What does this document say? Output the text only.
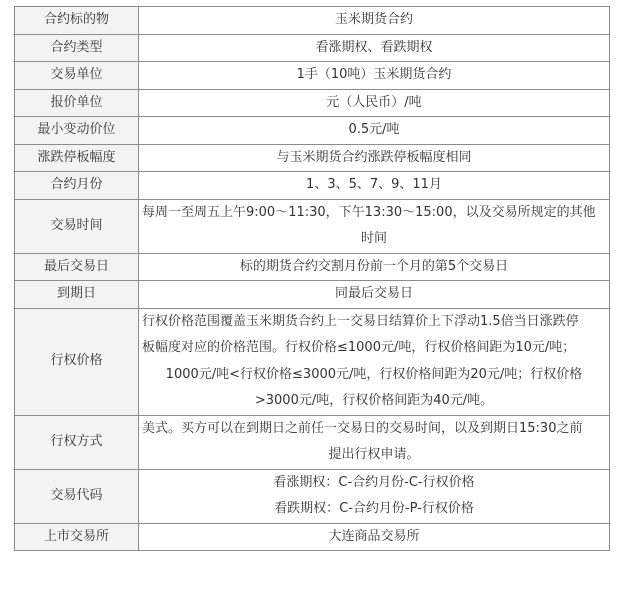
合约标的物	玉米期货合约
合约类型	看涨期权、看跌期权
交易单位	1手（10吨）玉米期货合约
报价单位	元（人民币）/吨
最小变动价位	0.5元/吨
涨跌停板幅度	与玉米期货合约涨跌停板幅度相同
合约月份	1、3、5、7、9、11月
交易时间	每周一至周五上午9:00～11:30，下午13:30～15:00，以及交易所规定的其他
时间

最后交易日	标的期货合约交割月份前一个月的第5个交易日
到期日	同最后交易日
行权价格	行权价格范围覆盖玉米期货合约上一交易日结算价上下浮动1.5倍当日涨跌停
板幅度对应的价格范围。行权价格≤1000元/吨，行权价格间距为10元/吨；
1000元/吨<行权价格≤3000元/吨，行权价格间距为20元/吨；行权价格
>3000元/吨，行权价格间距为40元/吨。

行权方式	美式。买方可以在到期日之前任一交易日的交易时间，以及到期日15:30之前
提出行权申请。

交易代码	看涨期权：C-合约月份-C-行权价格
看跌期权：C-合约月份-P-行权价格

上市交易所	大连商品交易所
